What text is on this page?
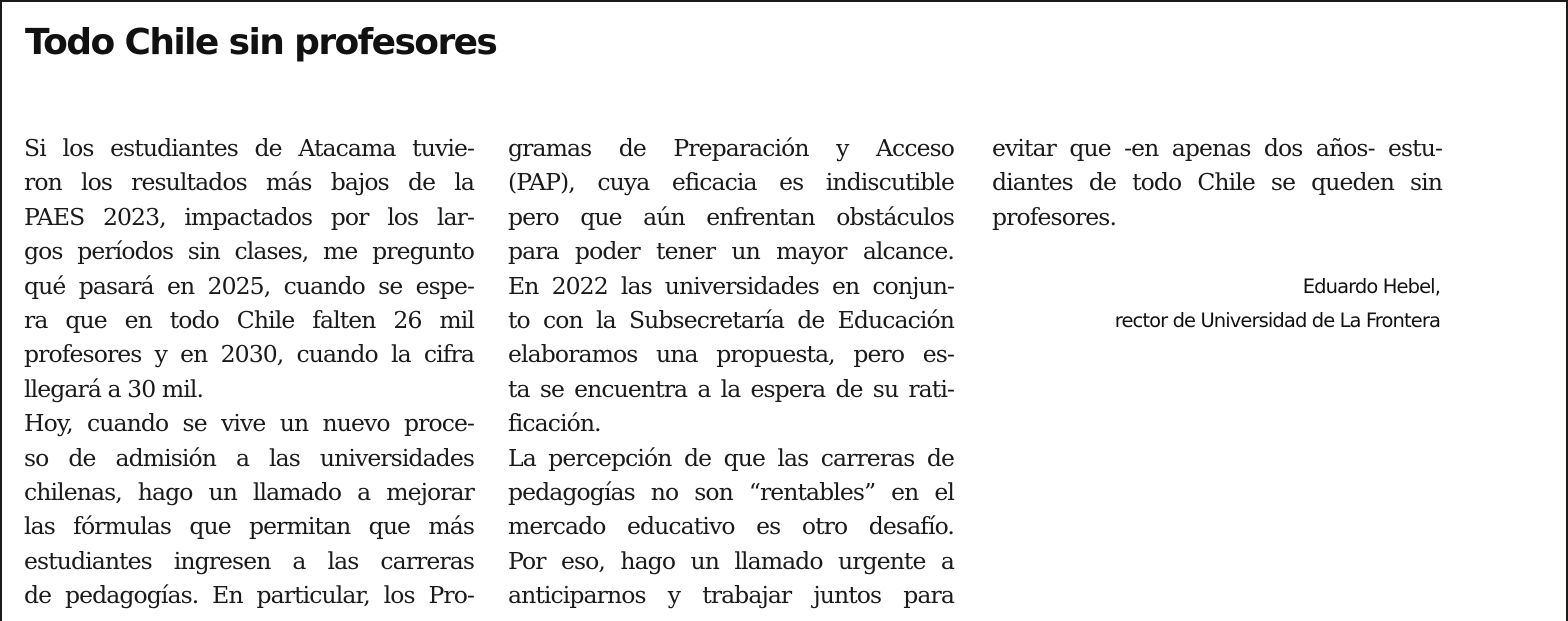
Todo Chile sin profesores
Si los estudiantes de Atacama tuvie-
ron los resultados más bajos de la
PAES 2023, impactados por los lar-
gos períodos sin clases, me pregunto
qué pasará en 2025, cuando se espe-
ra que en todo Chile falten 26 mil
profesores y en 2030, cuando la cifra
llegará a 30 mil.
Hoy, cuando se vive un nuevo proce-
so de admisión a las universidades
chilenas, hago un llamado a mejorar
las fórmulas que permitan que más
estudiantes ingresen a las carreras
de pedagogías. En particular, los Pro-
gramas de Preparación y Acceso
(PAP), cuya eficacia es indiscutible
pero que aún enfrentan obstáculos
para poder tener un mayor alcance.
En 2022 las universidades en conjun-
to con la Subsecretaría de Educación
elaboramos una propuesta, pero es-
ta se encuentra a la espera de su rati-
ficación.
La percepción de que las carreras de
pedagogías no son “rentables” en el
mercado educativo es otro desafío.
Por eso, hago un llamado urgente a
anticiparnos y trabajar juntos para
evitar que -en apenas dos años- estu-
diantes de todo Chile se queden sin
profesores.
Eduardo Hebel,
rector de Universidad de La Frontera
